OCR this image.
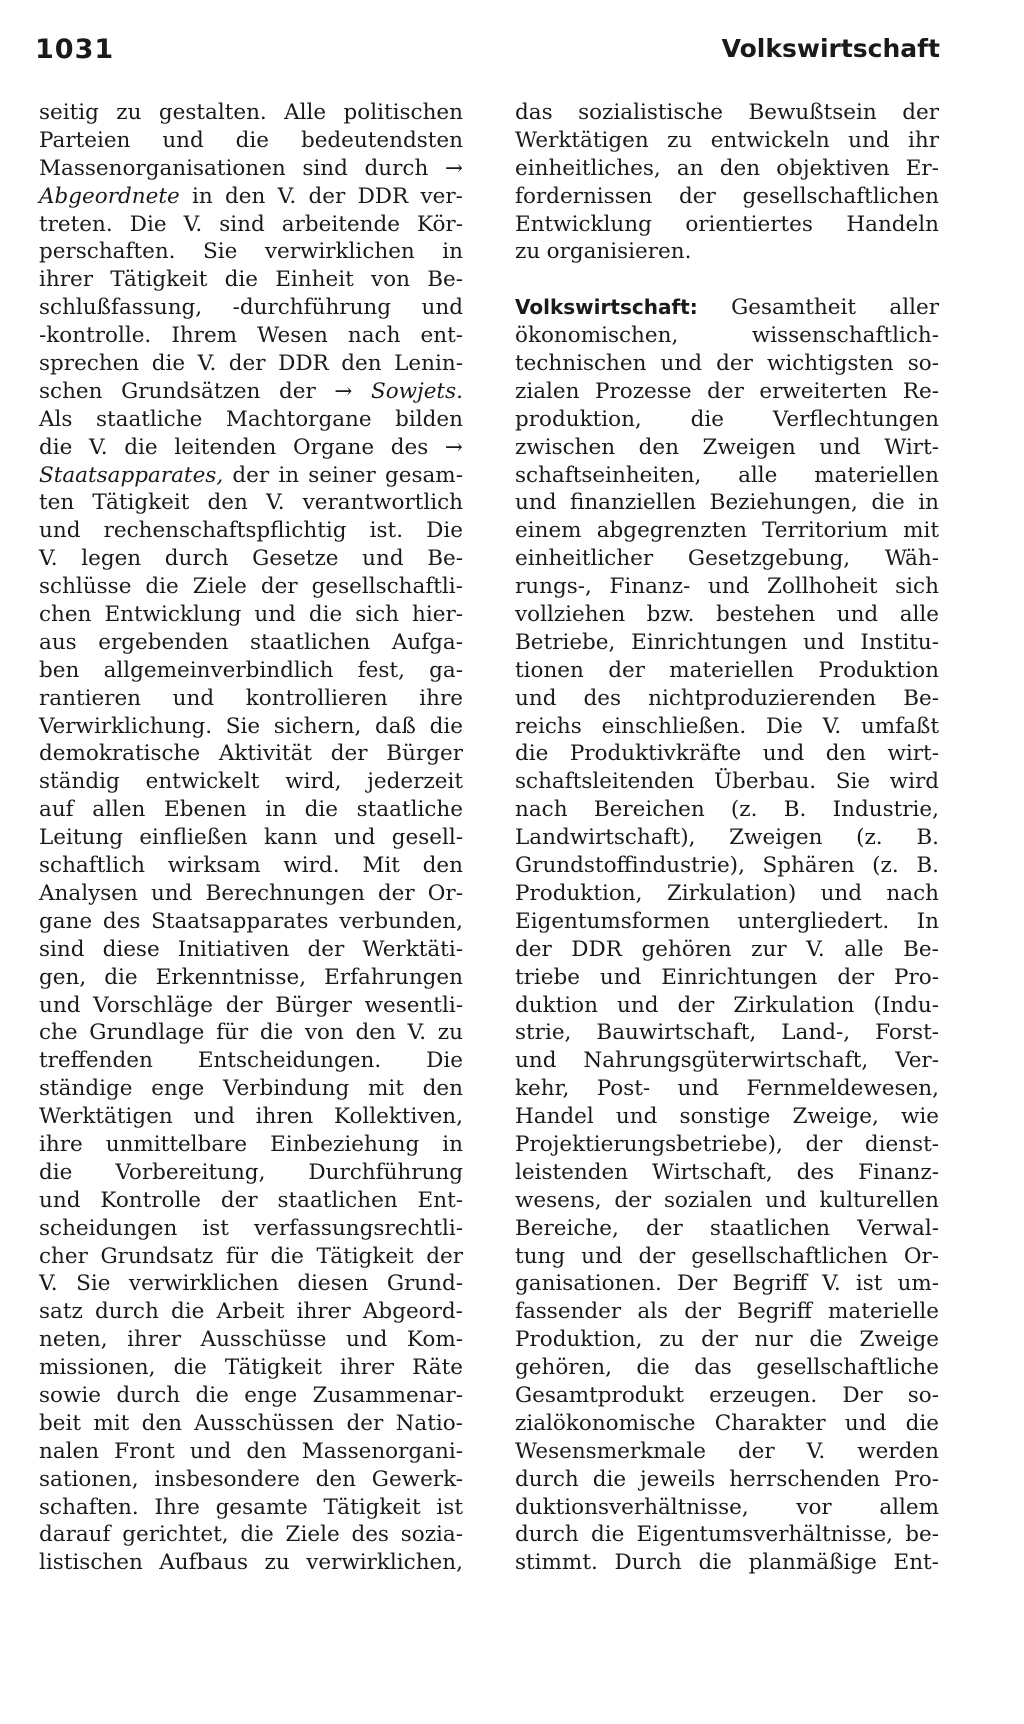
1031	Volkswirtschaft
seitig zu gestalten. Alle politischen
Parteien und die bedeutendsten
Massenorganisationen sind durch →
Abgeordnete in den V. der DDR ver-
treten. Die V. sind arbeitende Kör-
perschaften. Sie verwirklichen in
ihrer Tätigkeit die Einheit von Be-
schlußfassung, -durchführung und
-kontrolle. Ihrem Wesen nach ent-
sprechen die V. der DDR den Lenin-
schen Grundsätzen der → Sowjets.
Als staatliche Machtorgane bilden
die V. die leitenden Organe des →
Staatsapparates, der in seiner gesam-
ten Tätigkeit den V. verantwortlich
und rechenschaftspflichtig ist. Die
V. legen durch Gesetze und Be-
schlüsse die Ziele der gesellschaftli-
chen Entwicklung und die sich hier-
aus ergebenden staatlichen Aufga-
ben allgemeinverbindlich fest, ga-
rantieren und kontrollieren ihre
Verwirklichung. Sie sichern, daß die
demokratische Aktivität der Bürger
ständig entwickelt wird, jederzeit
auf allen Ebenen in die staatliche
Leitung einfließen kann und gesell-
schaftlich wirksam wird. Mit den
Analysen und Berechnungen der Or-
gane des Staatsapparates verbunden,
sind diese Initiativen der Werktäti-
gen, die Erkenntnisse, Erfahrungen
und Vorschläge der Bürger wesentli-
che Grundlage für die von den V. zu
treffenden Entscheidungen. Die
ständige enge Verbindung mit den
Werktätigen und ihren Kollektiven,
ihre unmittelbare Einbeziehung in
die Vorbereitung, Durchführung
und Kontrolle der staatlichen Ent-
scheidungen ist verfassungsrechtli-
cher Grundsatz für die Tätigkeit der
V. Sie verwirklichen diesen Grund-
satz durch die Arbeit ihrer Abgeord-
neten, ihrer Ausschüsse und Kom-
missionen, die Tätigkeit ihrer Räte
sowie durch die enge Zusammenar-
beit mit den Ausschüssen der Natio-
nalen Front und den Massenorgani-
sationen, insbesondere den Gewerk-
schaften. Ihre gesamte Tätigkeit ist
darauf gerichtet, die Ziele des sozia-
listischen Aufbaus zu verwirklichen,
das sozialistische Bewußtsein der
Werktätigen zu entwickeln und ihr
einheitliches, an den objektiven Er-
fordernissen der gesellschaftlichen
Entwicklung orientiertes Handeln
zu organisieren.
Volkswirtschaft: Gesamtheit aller
ökonomischen,	wissenschaftlich-
technischen und der wichtigsten so-
zialen Prozesse der erweiterten Re-
produktion, die Verflechtungen
zwischen den Zweigen und Wirt-
schaftseinheiten, alle materiellen
und finanziellen Beziehungen, die in
einem abgegrenzten Territorium mit
einheitlicher Gesetzgebung, Wäh-
rungs-, Finanz- und Zollhoheit sich
vollziehen bzw. bestehen und alle
Betriebe, Einrichtungen und Institu-
tionen der materiellen Produktion
und des nichtproduzierenden Be-
reichs einschließen. Die V. umfaßt
die Produktivkräfte und den wirt-
schaftsleitenden Überbau. Sie wird
nach Bereichen (z. B. Industrie,
Landwirtschaft), Zweigen (z. B.
Grundstoffindustrie), Sphären (z. B.
Produktion, Zirkulation) und nach
Eigentumsformen untergliedert. In
der DDR gehören zur V. alle Be-
triebe und Einrichtungen der Pro-
duktion und der Zirkulation (Indu-
strie, Bauwirtschaft, Land-, Forst-
und Nahrungsgüterwirtschaft, Ver-
kehr, Post- und Fernmeldewesen,
Handel und sonstige Zweige, wie
Projektierungsbetriebe), der dienst-
leistenden Wirtschaft, des Finanz-
wesens, der sozialen und kulturellen
Bereiche, der staatlichen Verwal-
tung und der gesellschaftlichen Or-
ganisationen. Der Begriff V. ist um-
fassender als der Begriff materielle
Produktion, zu der nur die Zweige
gehören, die das gesellschaftliche
Gesamtprodukt erzeugen. Der so-
zialökonomische Charakter und die
Wesensmerkmale der V. werden
durch die jeweils herrschenden Pro-
duktionsverhältnisse, vor allem
durch die Eigentumsverhältnisse, be-
stimmt. Durch die planmäßige Ent-
